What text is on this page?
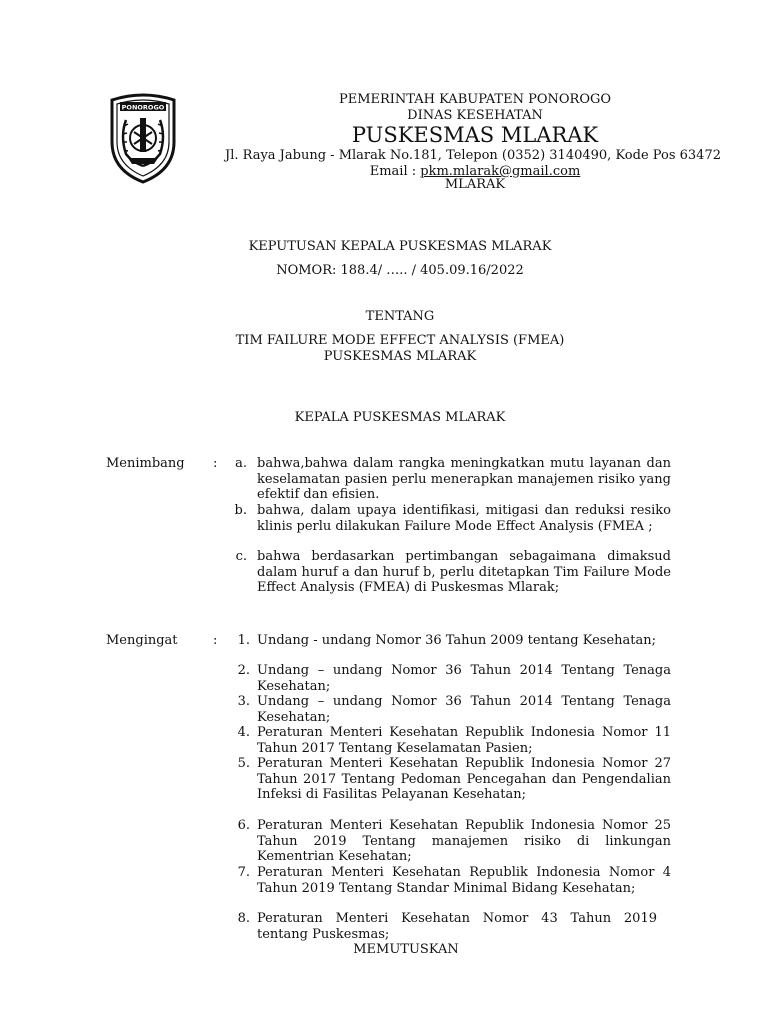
PONOROGO
PEMERINTAH KABUPATEN PONOROGO
DINAS KESEHATAN
PUSKESMAS MLARAK
Jl. Raya Jabung - Mlarak No.181, Telepon (0352) 3140490, Kode Pos 63472
Email : pkm.mlarak@gmail.com
MLARAK
KEPUTUSAN KEPALA PUSKESMAS MLARAK
NOMOR: 188.4/ ….. / 405.09.16/2022
TENTANG
TIM FAILURE MODE EFFECT ANALYSIS (FMEA)
PUSKESMAS MLARAK
KEPALA PUSKESMAS MLARAK
Menimbang :	a. bahwa,bahwa dalam rangka meningkatkan mutu layanan dan keselamatan pasien perlu menerapkan manajemen risiko yang efektif dan efisien.
b. bahwa, dalam upaya identifikasi, mitigasi dan reduksi resiko klinis perlu dilakukan Failure Mode Effect Analysis (FMEA ;
c. bahwa berdasarkan pertimbangan sebagaimana dimaksud dalam huruf a dan huruf b, perlu ditetapkan Tim Failure Mode Effect Analysis (FMEA) di Puskesmas Mlarak;
Mengingat	:	1. Undang - undang Nomor 36 Tahun 2009 tentang Kesehatan;
2. Undang – undang Nomor 36 Tahun 2014 Tentang Tenaga Kesehatan;
3. Undang – undang Nomor 36 Tahun 2014 Tentang Tenaga Kesehatan;
4. Peraturan Menteri Kesehatan Republik Indonesia Nomor 11 Tahun 2017 Tentang Keselamatan Pasien;
5. Peraturan Menteri Kesehatan Republik Indonesia Nomor 27 Tahun 2017 Tentang Pedoman Pencegahan dan Pengendalian Infeksi di Fasilitas Pelayanan Kesehatan;
6. Peraturan Menteri Kesehatan Republik Indonesia Nomor 25 Tahun 2019 Tentang manajemen risiko di linkungan Kementrian Kesehatan;
7. Peraturan Menteri Kesehatan Republik Indonesia Nomor 4 Tahun 2019 Tentang Standar Minimal Bidang Kesehatan;
8. Peraturan Menteri Kesehatan Nomor 43 Tahun 2019 tentang Puskesmas;
MEMUTUSKAN
